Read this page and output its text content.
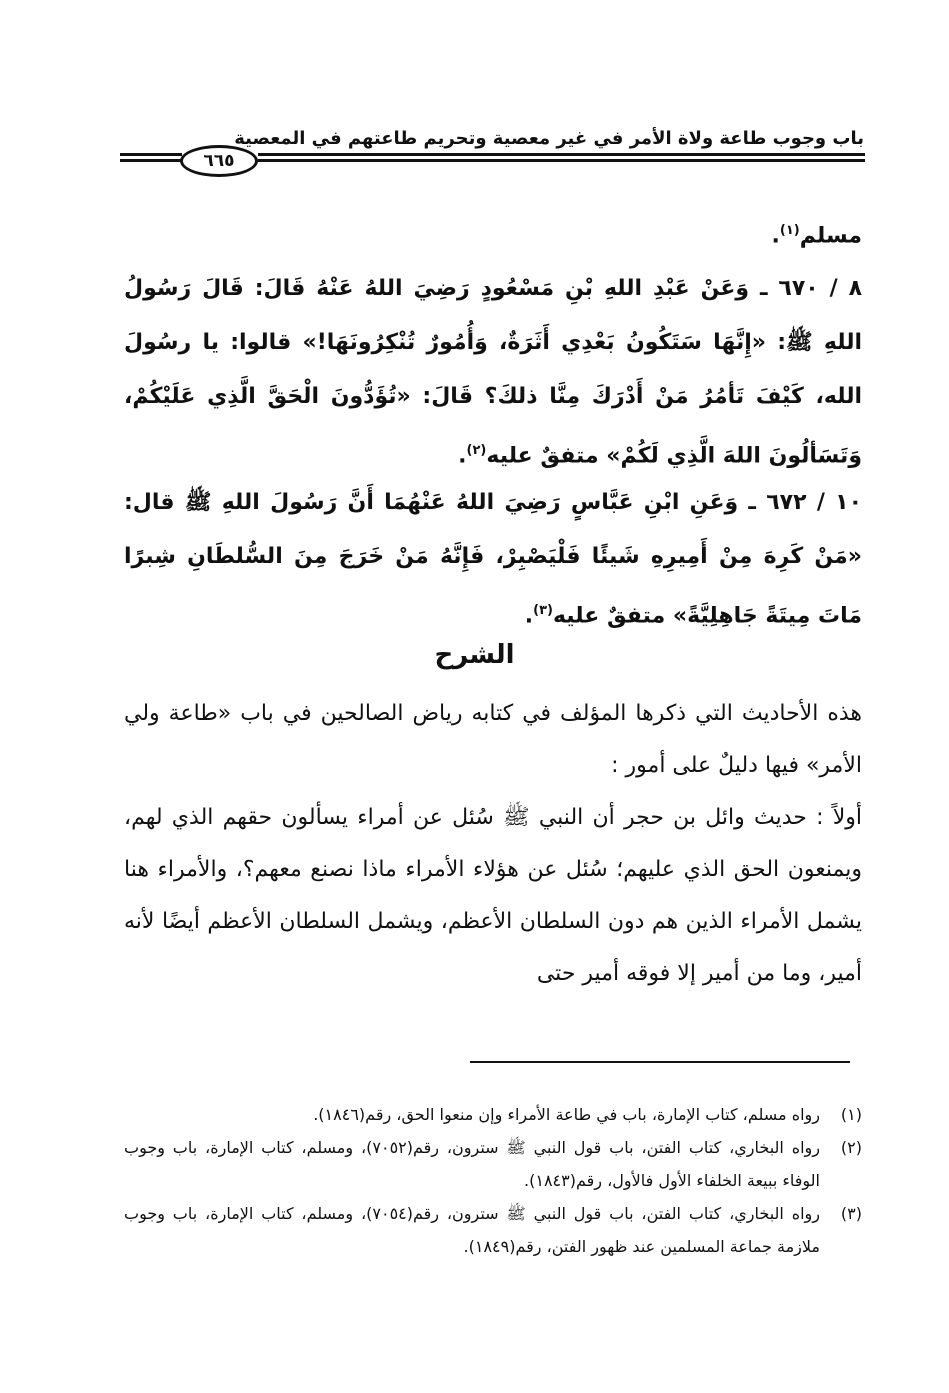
باب وجوب طاعة ولاة الأمر في غير معصية وتحريم طاعتهم في المعصية
٦٦٥

مسلم$^{(١)}$.

٨ / ٦٧٠ ـ وَعَنْ عَبْدِ اللهِ بْنِ مَسْعُودٍ رَضِيَ اللهُ عَنْهُ قَالَ: قَالَ رَسُولُ اللهِ ﷺ: «إِنَّهَا سَتَكُونُ بَعْدِي أَثَرَةٌ، وَأُمُورٌ تُنْكِرُونَهَا!» قالوا: يا رسُولَ الله، كَيْفَ تَأمُرُ مَنْ أَدْرَكَ مِنَّا ذلكَ؟ قَالَ: «تُؤَدُّونَ الْحَقَّ الَّذِي عَلَيْكُمْ، وَتَسَألُونَ اللهَ الَّذِي لَكُمْ» متفقٌ عليه$^{(٢)}$.

١٠ / ٦٧٢ ـ وَعَنِ ابْنِ عَبَّاسٍ رَضِيَ اللهُ عَنْهُمَا أَنَّ رَسُولَ اللهِ ﷺ قال: «مَنْ كَرِهَ مِنْ أَمِيرِهِ شَيئًا فَلْيَصْبِرْ، فَإِنَّهُ مَنْ خَرَجَ مِنَ السُّلطَانِ شِبرًا مَاتَ مِيتَةً جَاهِلِيَّةً» متفقٌ عليه$^{(٣)}$.

الشرح

هذه الأحاديث التي ذكرها المؤلف في كتابه رياض الصالحين في باب «طاعة ولي الأمر» فيها دليلٌ على أمور :

أولاً : حديث وائل بن حجر أن النبي ﷺ سُئل عن أمراء يسألون حقهم الذي لهم، ويمنعون الحق الذي عليهم؛ سُئل عن هؤلاء الأمراء ماذا نصنع معهم؟، والأمراء هنا يشمل الأمراء الذين هم دون السلطان الأعظم، ويشمل السلطان الأعظم أيضًا لأنه أمير، وما من أمير إلا فوقه أمير حتى

(١)
رواه مسلم، كتاب الإمارة، باب في طاعة الأمراء وإن منعوا الحق، رقم(١٨٤٦).
(٢)
رواه البخاري، كتاب الفتن، باب قول النبي ﷺ سترون، رقم(٧٠٥٢)، ومسلم، كتاب الإمارة، باب وجوب الوفاء ببيعة الخلفاء الأول فالأول، رقم(١٨٤٣).
(٣)
رواه البخاري، كتاب الفتن، باب قول النبي ﷺ سترون، رقم(٧٠٥٤)، ومسلم، كتاب الإمارة، باب وجوب ملازمة جماعة المسلمين عند ظهور الفتن، رقم(١٨٤٩).
